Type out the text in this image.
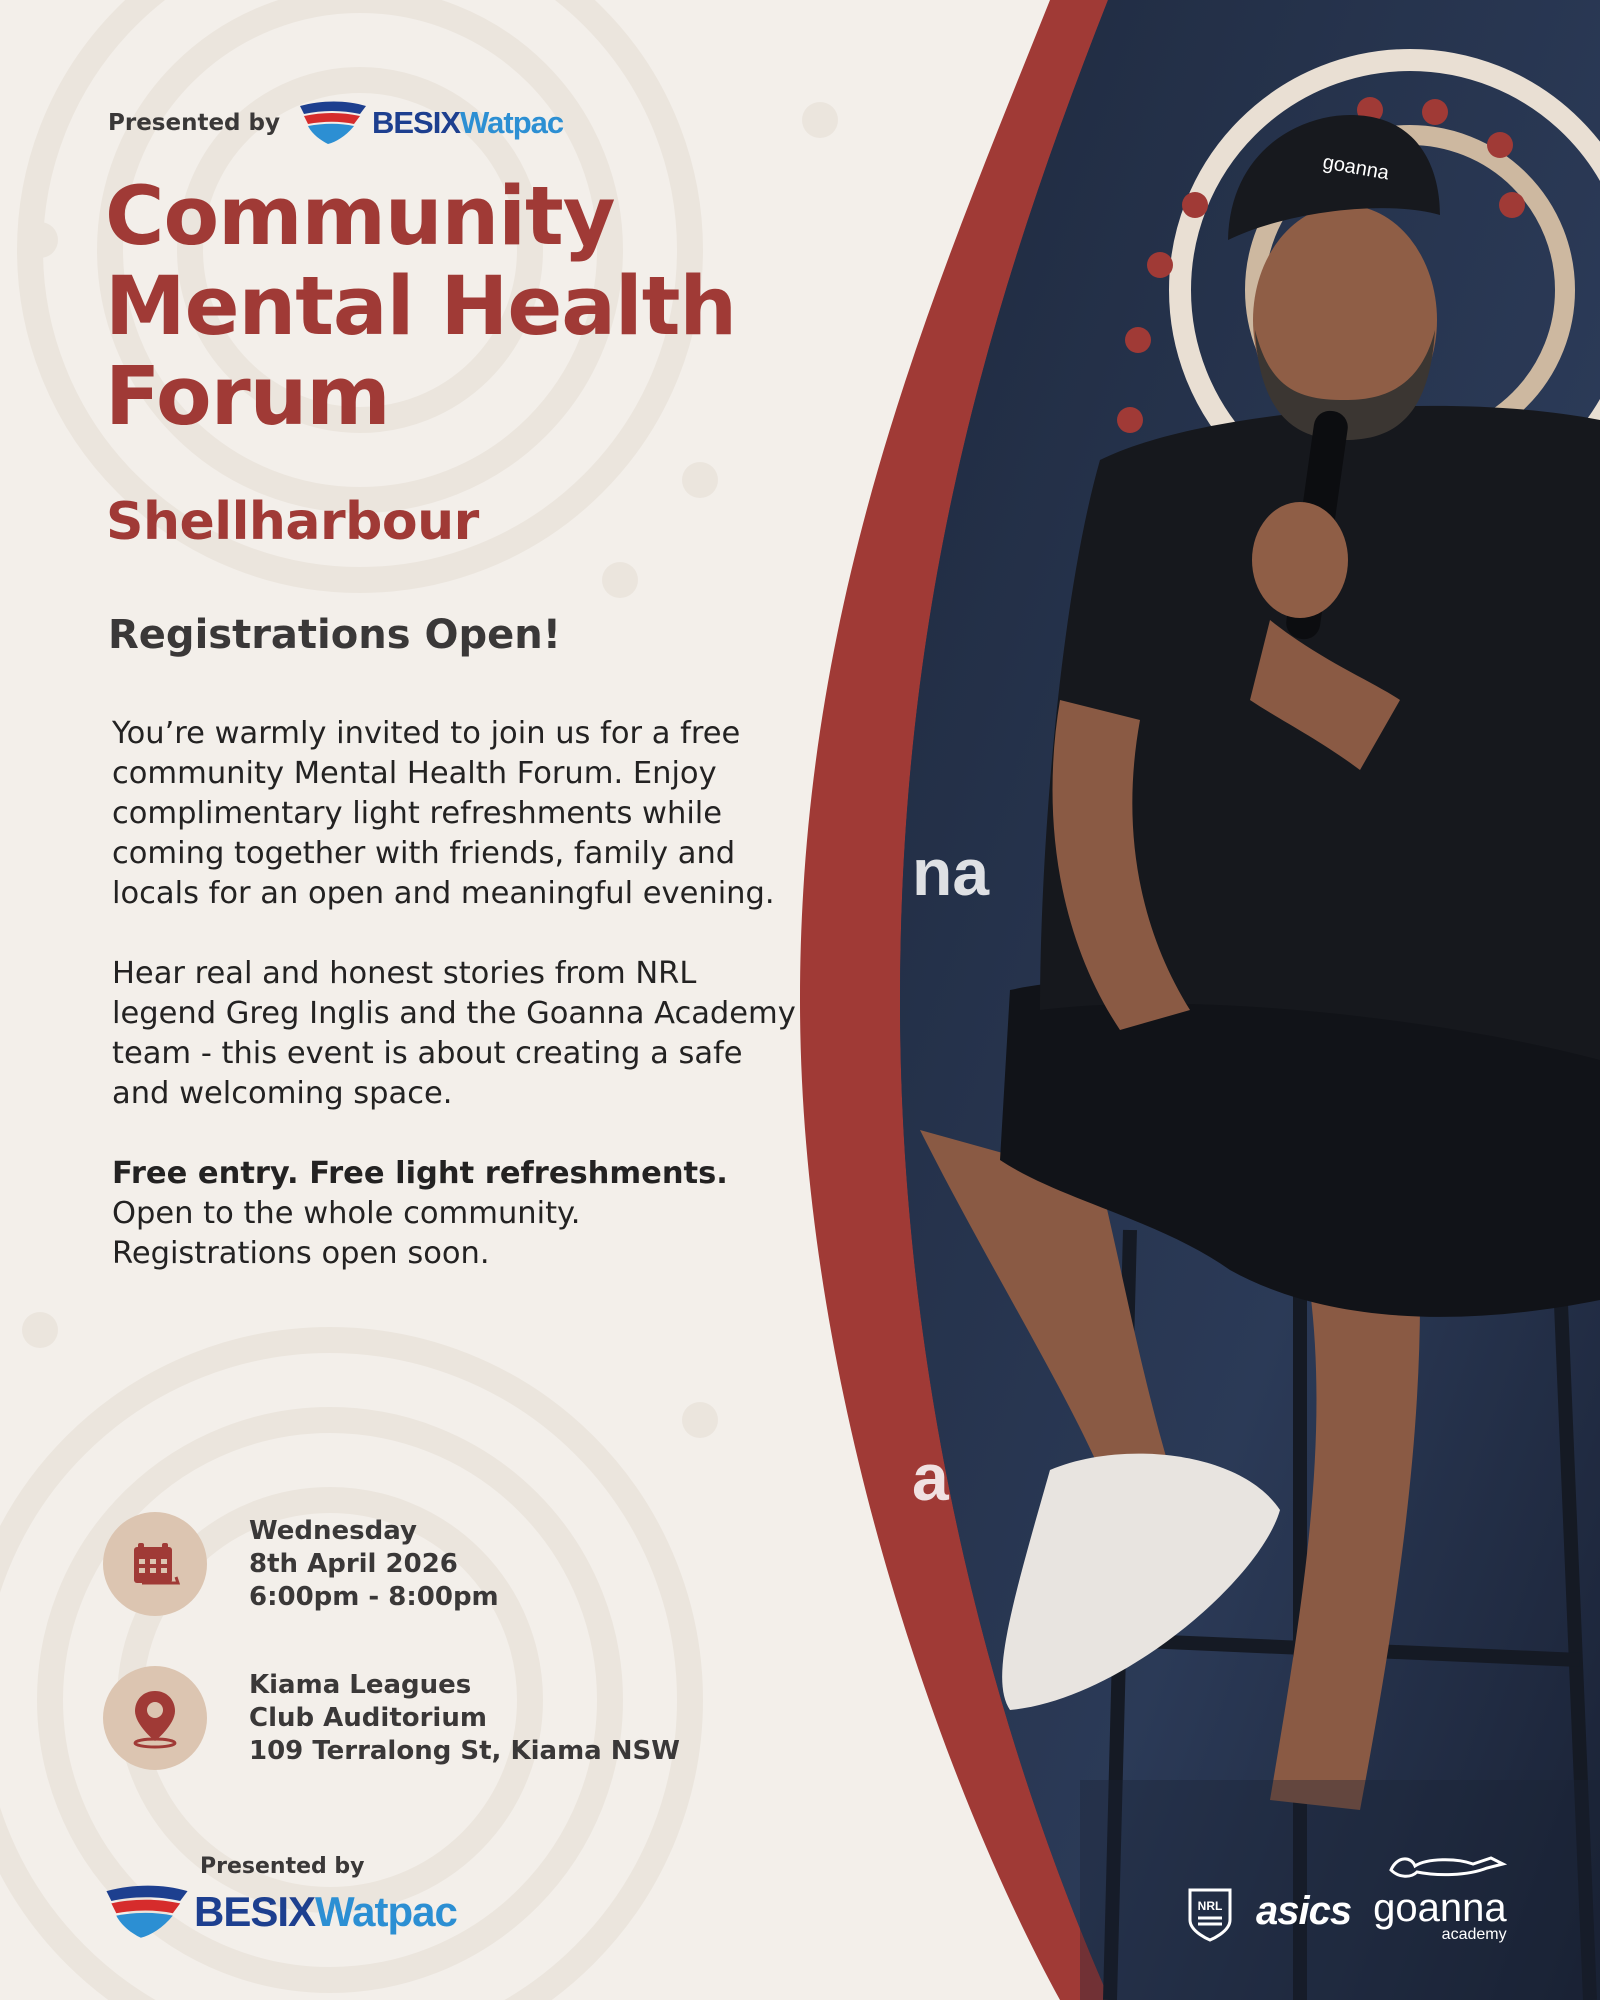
na
a
goanna
Presented by	BESIXWatpac
Community
Mental Health
Forum
Shellharbour
Registrations Open!

You’re warmly invited to join us for a free community Mental Health Forum. Enjoy complimentary light refreshments while coming together with friends, family and locals for an open and meaningful evening.

Hear real and honest stories from NRL legend Greg Inglis and the Goanna Academy team - this event is about creating a safe and welcoming space.

Free entry. Free light refreshments.
Open to the whole community.
Registrations open soon.

Wednesday
8th April 2026
6:00pm - 8:00pm
Kiama Leagues
Club Auditorium
109 Terralong St, Kiama NSW
Presented by
BESIXWatpac	NRL asics goanna
academy
